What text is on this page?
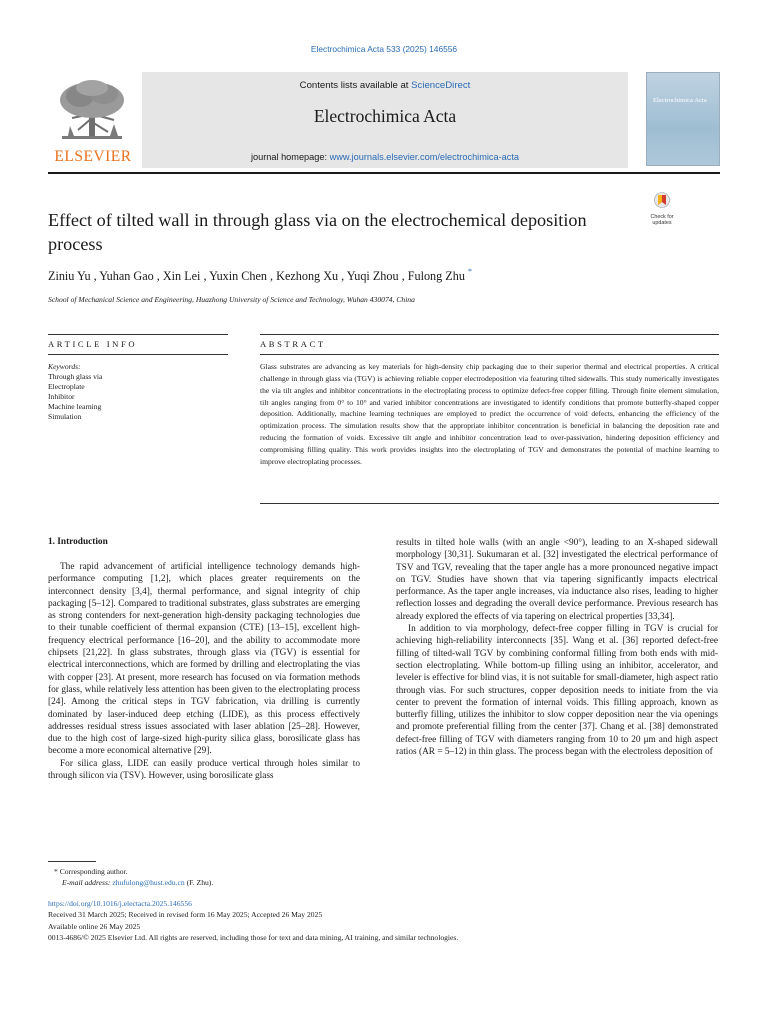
Electrochimica Acta 533 (2025) 146556
ELSEVIER
Contents lists available at ScienceDirect
Electrochimica Acta
journal homepage: www.journals.elsevier.com/electrochimica-acta
Electrochimica Acta
Check for updates
Effect of tilted wall in through glass via on the electrochemical deposition process
Ziniu Yu , Yuhan Gao , Xin Lei , Yuxin Chen , Kezhong Xu , Yuqi Zhou , Fulong Zhu *
School of Mechanical Science and Engineering, Huazhong University of Science and Technology, Wuhan 430074, China
ARTICLE INFO	ABSTRACT
Keywords:
Through glass via
Electroplate
Inhibitor
Machine learning
Simulation
Glass substrates are advancing as key materials for high-density chip packaging due to their superior thermal and electrical properties. A critical challenge in through glass via (TGV) is achieving reliable copper electrodeposition via featuring tilted sidewalls. This study numerically investigates the via tilt angles and inhibitor concentrations in the electroplating process to optimize defect-free copper filling. Through finite element simulation, tilt angles ranging from 0° to 10° and varied inhibitor concentrations are investigated to identify conditions that promote butterfly-shaped copper deposition. Additionally, machine learning techniques are employed to predict the occurrence of void defects, enhancing the efficiency of the optimization process. The simulation results show that the appropriate inhibitor concentration is beneficial in balancing the deposition rate and reducing the formation of voids. Excessive tilt angle and inhibitor concentration lead to over-passivation, hindering deposition efficiency and compromising filling quality. This work provides insights into the electroplating of TGV and demonstrates the potential of machine learning to improve electroplating processes.
1. Introduction

The rapid advancement of artificial intelligence technology demands high-performance computing [1,2], which places greater requirements on the interconnect density [3,4], thermal performance, and signal integrity of chip packaging [5–12]. Compared to traditional substrates, glass substrates are emerging as strong contenders for next-generation high-density packaging technologies due to their tunable coefficient of thermal expansion (CTE) [13–15], excellent high-frequency electrical performance [16–20], and the ability to accommodate more chipsets [21,22]. In glass substrates, through glass via (TGV) is essential for electrical interconnections, which are formed by drilling and electroplating the vias with copper [23]. At present, more research has focused on via formation methods for glass, while relatively less attention has been given to the electroplating process [24]. Among the critical steps in TGV fabrication, via drilling is currently dominated by laser-induced deep etching (LIDE), as this process effectively addresses residual stress issues associated with laser ablation [25–28]. However, due to the high cost of large-sized high-purity silica glass, borosilicate glass has become a more economical alternative [29].

For silica glass, LIDE can easily produce vertical through holes similar to through silicon via (TSV). However, using borosilicate glass

results in tilted hole walls (with an angle <90°), leading to an X-shaped sidewall morphology [30,31]. Sukumaran et al. [32] investigated the electrical performance of TSV and TGV, revealing that the taper angle has a more pronounced negative impact on TGV. Studies have shown that via tapering significantly impacts electrical performance. As the taper angle increases, via inductance also rises, leading to higher reflection losses and degrading the overall device performance. Previous research has already explored the effects of via tapering on electrical properties [33,34].

In addition to via morphology, defect-free copper filling in TGV is crucial for achieving high-reliability interconnects [35]. Wang et al. [36] reported defect-free filling of tilted-wall TGV by combining conformal filling from both ends with mid-section electroplating. While bottom-up filling using an inhibitor, accelerator, and leveler is effective for blind vias, it is not suitable for small-diameter, high aspect ratio through vias. For such structures, copper deposition needs to initiate from the via center to prevent the formation of internal voids. This filling approach, known as butterfly filling, utilizes the inhibitor to slow copper deposition near the via openings and promote preferential filling from the center [37]. Chang et al. [38] demonstrated defect-free filling of TGV with diameters ranging from 10 to 20 μm and high aspect ratios (AR = 5–12) in thin glass. The process began with the electroless deposition of

* Corresponding author.
E-mail address: zhufulong@hust.edu.cn (F. Zhu).
https://doi.org/10.1016/j.electacta.2025.146556
Received 31 March 2025; Received in revised form 16 May 2025; Accepted 26 May 2025
Available online 26 May 2025
0013-4686/© 2025 Elsevier Ltd. All rights are reserved, including those for text and data mining, AI training, and similar technologies.
